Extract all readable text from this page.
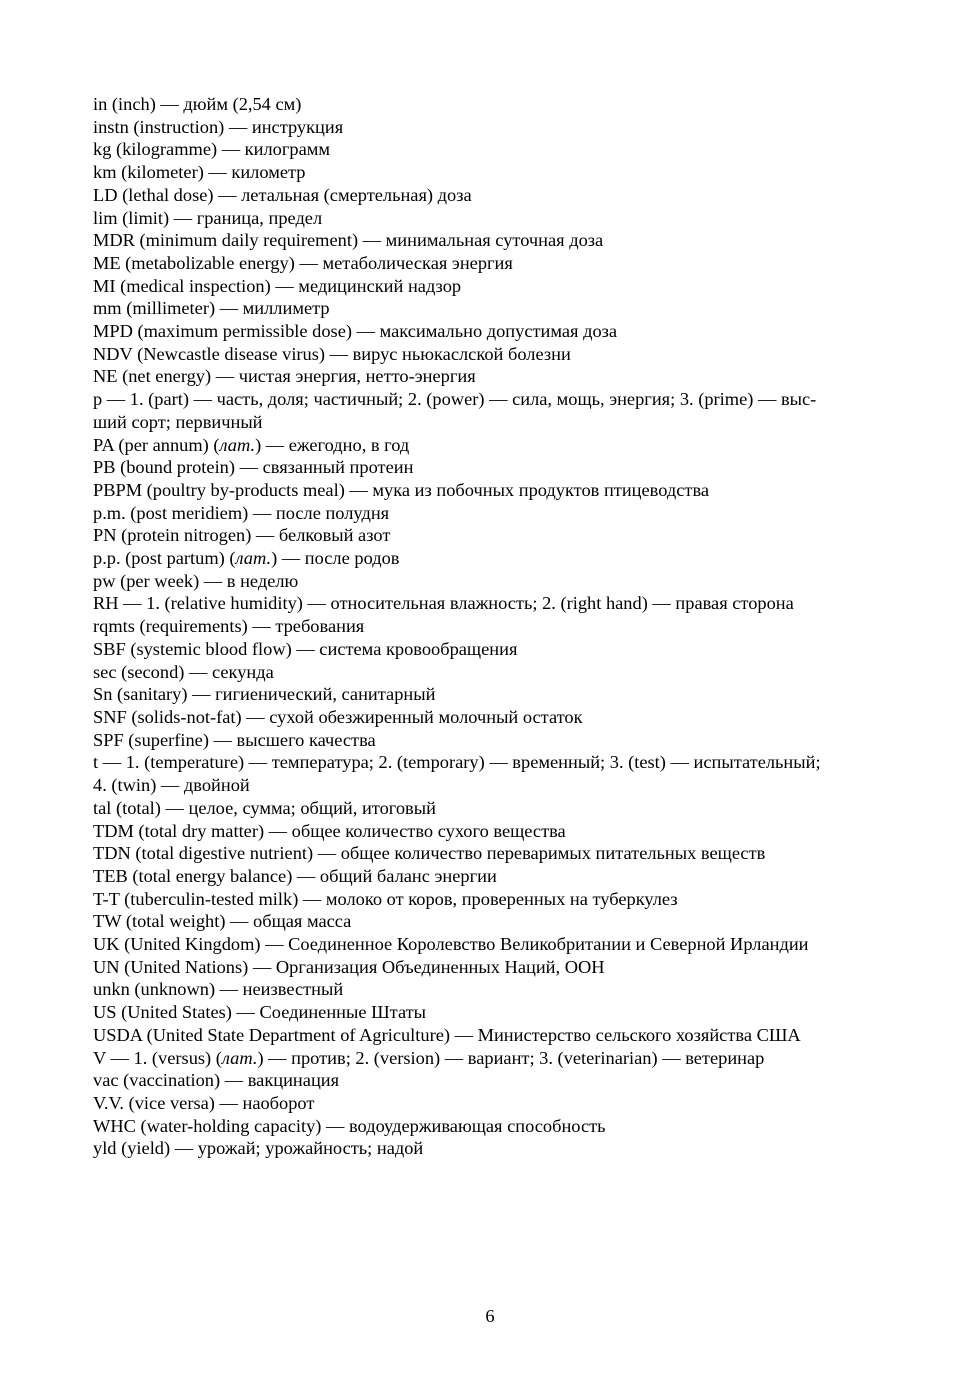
in (inch) — дюйм (2,54 см)
instn (instruction) — инструкция
kg (kilogramme) — килограмм
km (kilometer) — километр
LD (lethal dose) — летальная (смертельная) доза
lim (limit) — граница, предел
MDR (minimum daily requirement) — минимальная суточная доза
ME (metabolizable energy) — метаболическая энергия
MI (medical inspection) — медицинский надзор
mm (millimeter) — миллиметр
MPD (maximum permissible dose) — максимально допустимая доза
NDV (Newcastle disease virus) — вирус ньюкаслской болезни
NE (net energy) — чистая энергия, нетто-энергия
p — 1. (part) — часть, доля; частичный; 2. (power) — сила, мощь, энергия; 3. (prime) — выс-
ший сорт; первичный
PA (per annum) (лат.) — ежегодно, в год
PB (bound protein) — связанный протеин
PBPM (poultry by-products meal) — мука из побочных продуктов птицеводства
p.m. (post meridiem) — после полудня
PN (protein nitrogen) — белковый азот
p.p. (post partum) (лат.) — после родов
pw (per week) — в неделю
RH — 1. (relative humidity) — относительная влажность; 2. (right hand) — правая сторона
rqmts (requirements) — требования
SBF (systemic blood flow) — система кровообращения
sec (second) — секунда
Sn (sanitary) — гигиенический, санитарный
SNF (solids-not-fat) — сухой обезжиренный молочный остаток
SPF (superfine) — высшего качества
t — 1. (temperature) — температура; 2. (temporary) — временный; 3. (test) — испытательный;
4. (twin) — двойной
tal (total) — целое, сумма; общий, итоговый
TDM (total dry matter) — общее количество сухого вещества
TDN (total digestive nutrient) — общее количество переваримых питательных веществ
TEB (total energy balance) — общий баланс энергии
T-T (tuberculin-tested milk) — молоко от коров, проверенных на туберкулез
TW (total weight) — общая масса
UK (United Kingdom) — Соединенное Королевство Великобритании и Северной Ирландии
UN (United Nations) — Организация Объединенных Наций, ООН
unkn (unknown) — неизвестный
US (United States) — Соединенные Штаты
USDA (United State Department of Agriculture) — Министерство сельского хозяйства США
V — 1. (versus) (лат.) — против; 2. (version) — вариант; 3. (veterinarian) — ветеринар
vac (vaccination) — вакцинация
V.V. (vice versa) — наоборот
WHC (water-holding capacity) — водоудерживающая способность
yld (yield) — урожай; урожайность; надой
6
